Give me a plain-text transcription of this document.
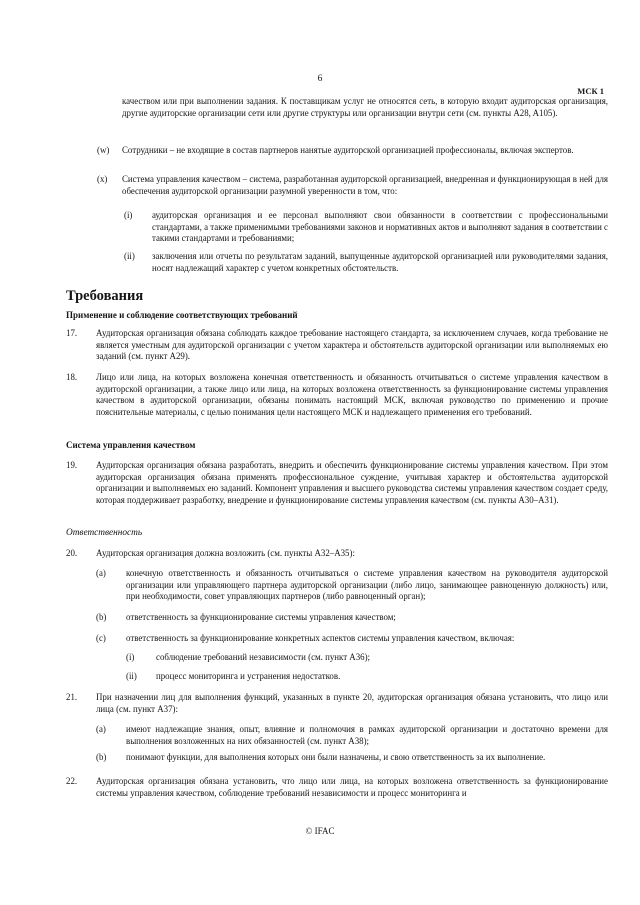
6
МСК 1
качеством или при выполнении задания. К поставщикам услуг не относятся сеть, в которую входит аудиторская организация, другие аудиторские организации сети или другие структуры или организации внутри сети (см. пункты A28, A105).
(w) Сотрудники – не входящие в состав партнеров нанятые аудиторской организацией профессионалы, включая экспертов.
(x) Система управления качеством – система, разработанная аудиторской организацией, внедренная и функционирующая в ней для обеспечения аудиторской организации разумной уверенности в том, что:
(i) аудиторская организация и ее персонал выполняют свои обязанности в соответствии с профессиональными стандартами, а также применимыми требованиями законов и нормативных актов и выполняют задания в соответствии с такими стандартами и требованиями;
(ii) заключения или отчеты по результатам заданий, выпущенные аудиторской организацией или руководителями задания, носят надлежащий характер с учетом конкретных обстоятельств.
Требования
Применение и соблюдение соответствующих требований
17. Аудиторская организация обязана соблюдать каждое требование настоящего стандарта, за исключением случаев, когда требование не является уместным для аудиторской организации с учетом характера и обстоятельств аудиторской организации или выполняемых ею заданий (см. пункт A29).
18. Лицо или лица, на которых возложена конечная ответственность и обязанность отчитываться о системе управления качеством в аудиторской организации, а также лицо или лица, на которых возложена ответственность за функционирование системы управления качеством в аудиторской организации, обязаны понимать настоящий МСК, включая руководство по применению и прочие пояснительные материалы, с целью понимания цели настоящего МСК и надлежащего применения его требований.
Система управления качеством
19. Аудиторская организация обязана разработать, внедрить и обеспечить функционирование системы управления качеством. При этом аудиторская организация обязана применять профессиональное суждение, учитывая характер и обстоятельства аудиторской организации и выполняемых ею заданий. Компонент управления и высшего руководства системы управления качеством создает среду, которая поддерживает разработку, внедрение и функционирование системы управления качеством (см. пункты A30–A31).
Ответственность
20. Аудиторская организация должна возложить (см. пункты A32–A35):
(a) конечную ответственность и обязанность отчитываться о системе управления качеством на руководителя аудиторской организации или управляющего партнера аудиторской организации (либо лицо, занимающее равноценную должность) или, при необходимости, совет управляющих партнеров (либо равноценный орган);
(b) ответственность за функционирование системы управления качеством;
(c) ответственность за функционирование конкретных аспектов системы управления качеством, включая:
(i) соблюдение требований независимости (см. пункт A36);
(ii) процесс мониторинга и устранения недостатков.
21. При назначении лиц для выполнения функций, указанных в пункте 20, аудиторская организация обязана установить, что лицо или лица (см. пункт A37):
(a) имеют надлежащие знания, опыт, влияние и полномочия в рамках аудиторской организации и достаточно времени для выполнения возложенных на них обязанностей (см. пункт A38);
(b) понимают функции, для выполнения которых они были назначены, и свою ответственность за их выполнение.
22. Аудиторская организация обязана установить, что лицо или лица, на которых возложена ответственность за функционирование системы управления качеством, соблюдение требований независимости и процесс мониторинга и
© IFAC
